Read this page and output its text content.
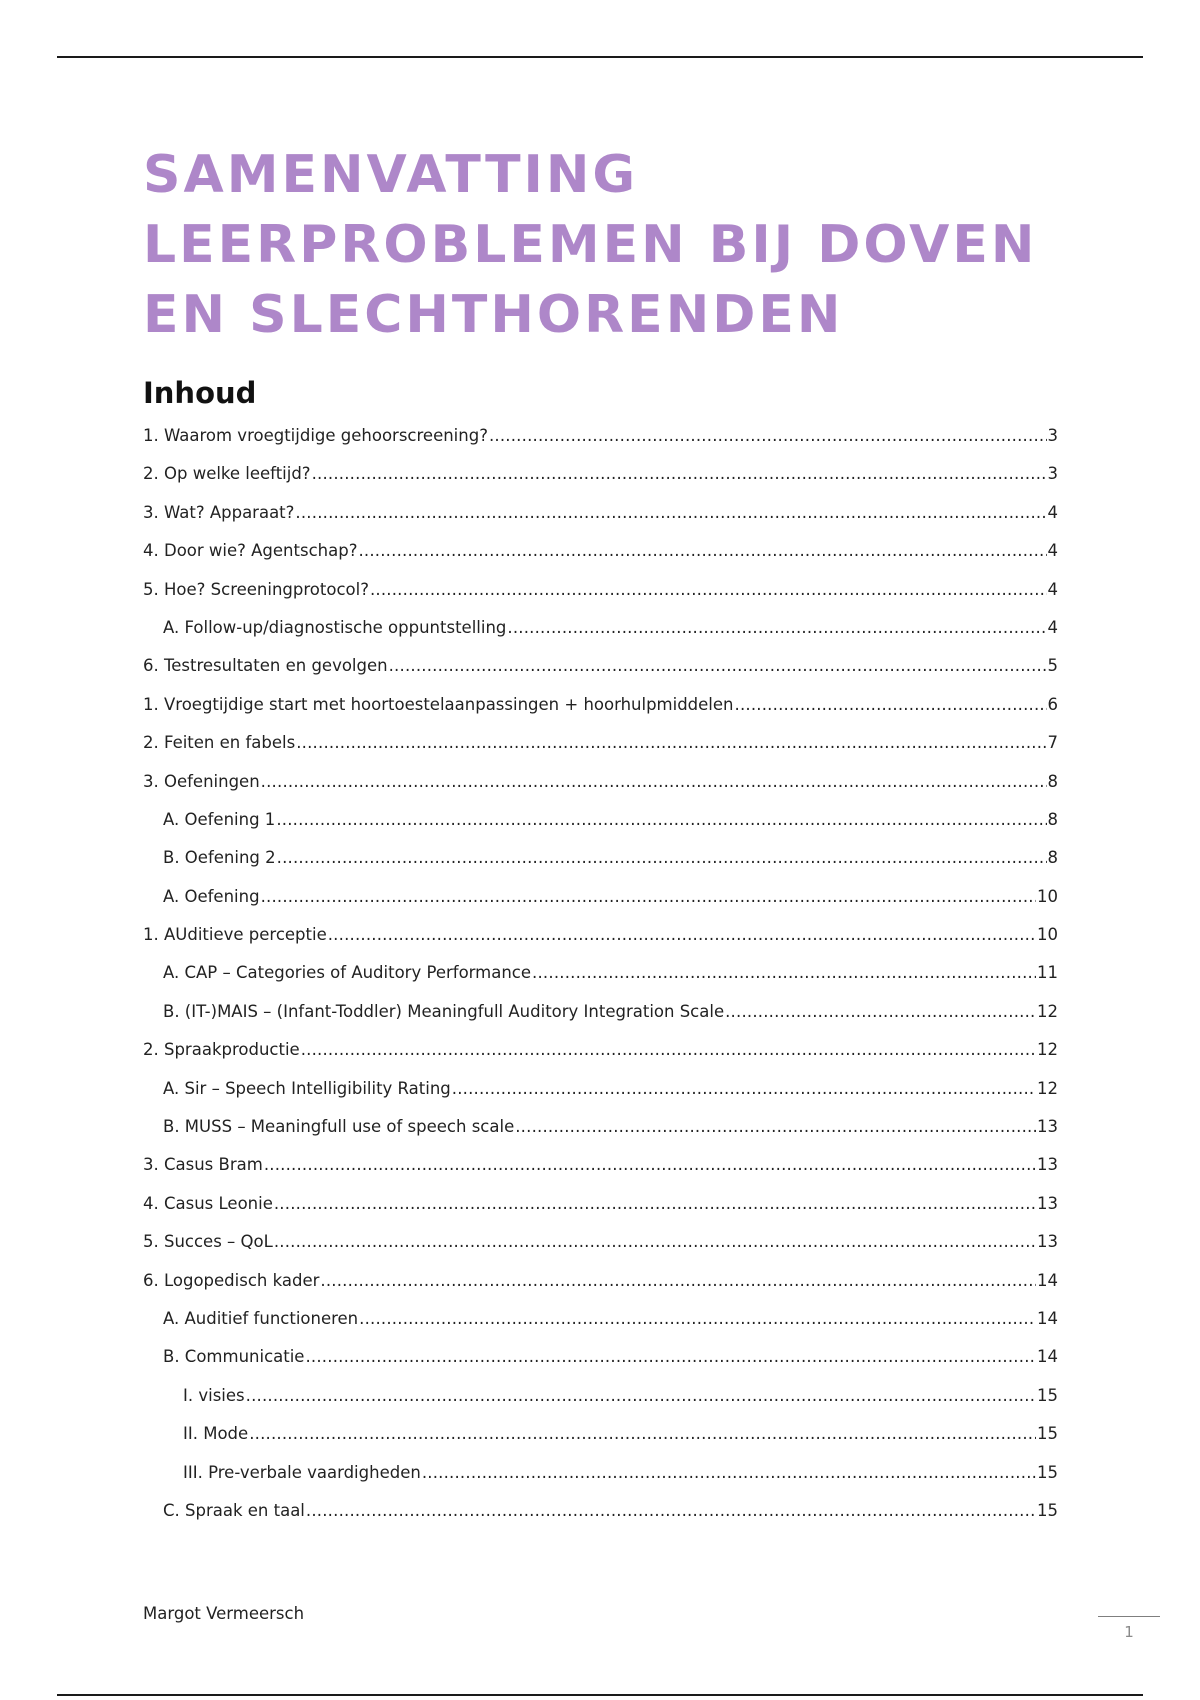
SAMENVATTING
LEERPROBLEMEN BIJ DOVEN
EN SLECHTHORENDEN
Inhoud
1. Waarom vroegtijdige gehoorscreening? .....	3
2. Op welke leeftijd? .....	3
3. Wat? Apparaat? .....	4
4. Door wie? Agentschap? .....	4
5. Hoe? Screeningprotocol? .....	4
A. Follow-up/diagnostische oppuntstelling .....	4
6. Testresultaten en gevolgen .....	5
1. Vroegtijdige start met hoortoestelaanpassingen + hoorhulpmiddelen .....	6
2. Feiten en fabels .....	7
3. Oefeningen .....	8
A. Oefening 1 .....	8
B. Oefening 2 .....	8
A. Oefening .....	10
1. AUditieve perceptie .....	10
A. CAP – Categories of Auditory Performance .....	11
B. (IT-)MAIS – (Infant-Toddler) Meaningfull Auditory Integration Scale .....	12
2. Spraakproductie .....	12
A. Sir – Speech Intelligibility Rating .....	12
B. MUSS – Meaningfull use of speech scale .....	13
3. Casus Bram .....	13
4. Casus Leonie .....	13
5. Succes – QoL .....	13
6. Logopedisch kader .....	14
A. Auditief functioneren .....	14
B. Communicatie .....	14
I. visies .....	15
II. Mode .....	15
III. Pre-verbale vaardigheden .....	15
C. Spraak en taal .....	15
Margot Vermeersch
1
